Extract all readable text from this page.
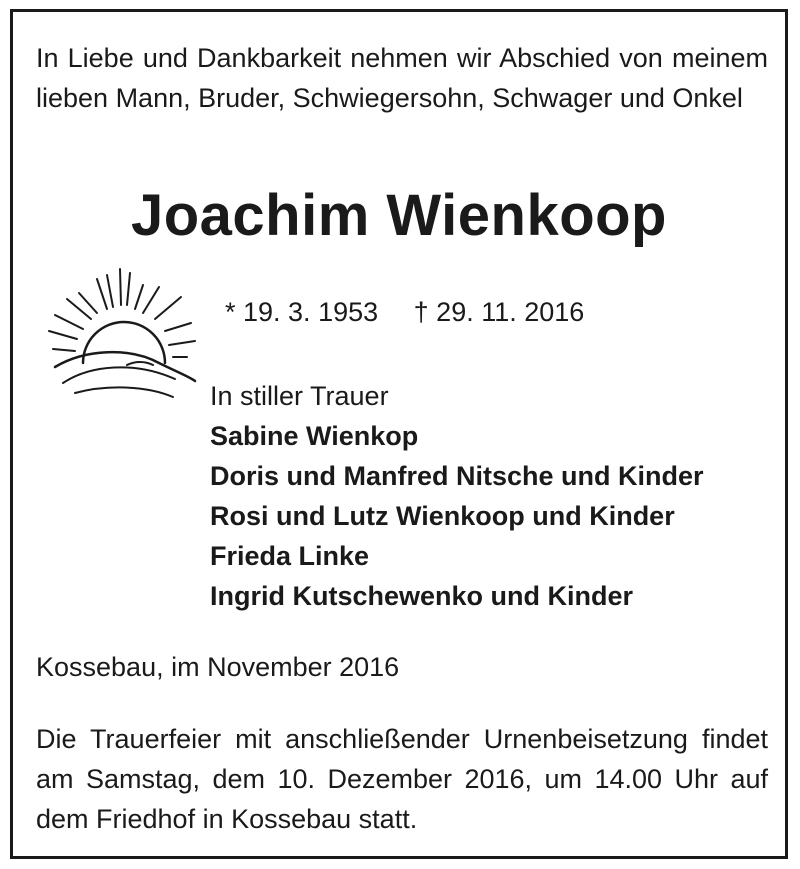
In Liebe und Dankbarkeit nehmen wir Abschied von meinem lieben Mann, Bruder, Schwiegersohn, Schwager und Onkel
Joachim Wienkoop
* 19. 3. 1953 † 29. 11. 2016
In stiller Trauer
Sabine Wienkop
Doris und Manfred Nitsche und Kinder
Rosi und Lutz Wienkoop und Kinder
Frieda Linke
Ingrid Kutschewenko und Kinder
Kossebau, im November 2016
Die Trauerfeier mit anschließender Urnenbeisetzung findet am Samstag, dem 10. Dezember 2016, um 14.00 Uhr auf dem Friedhof in Kossebau statt.
